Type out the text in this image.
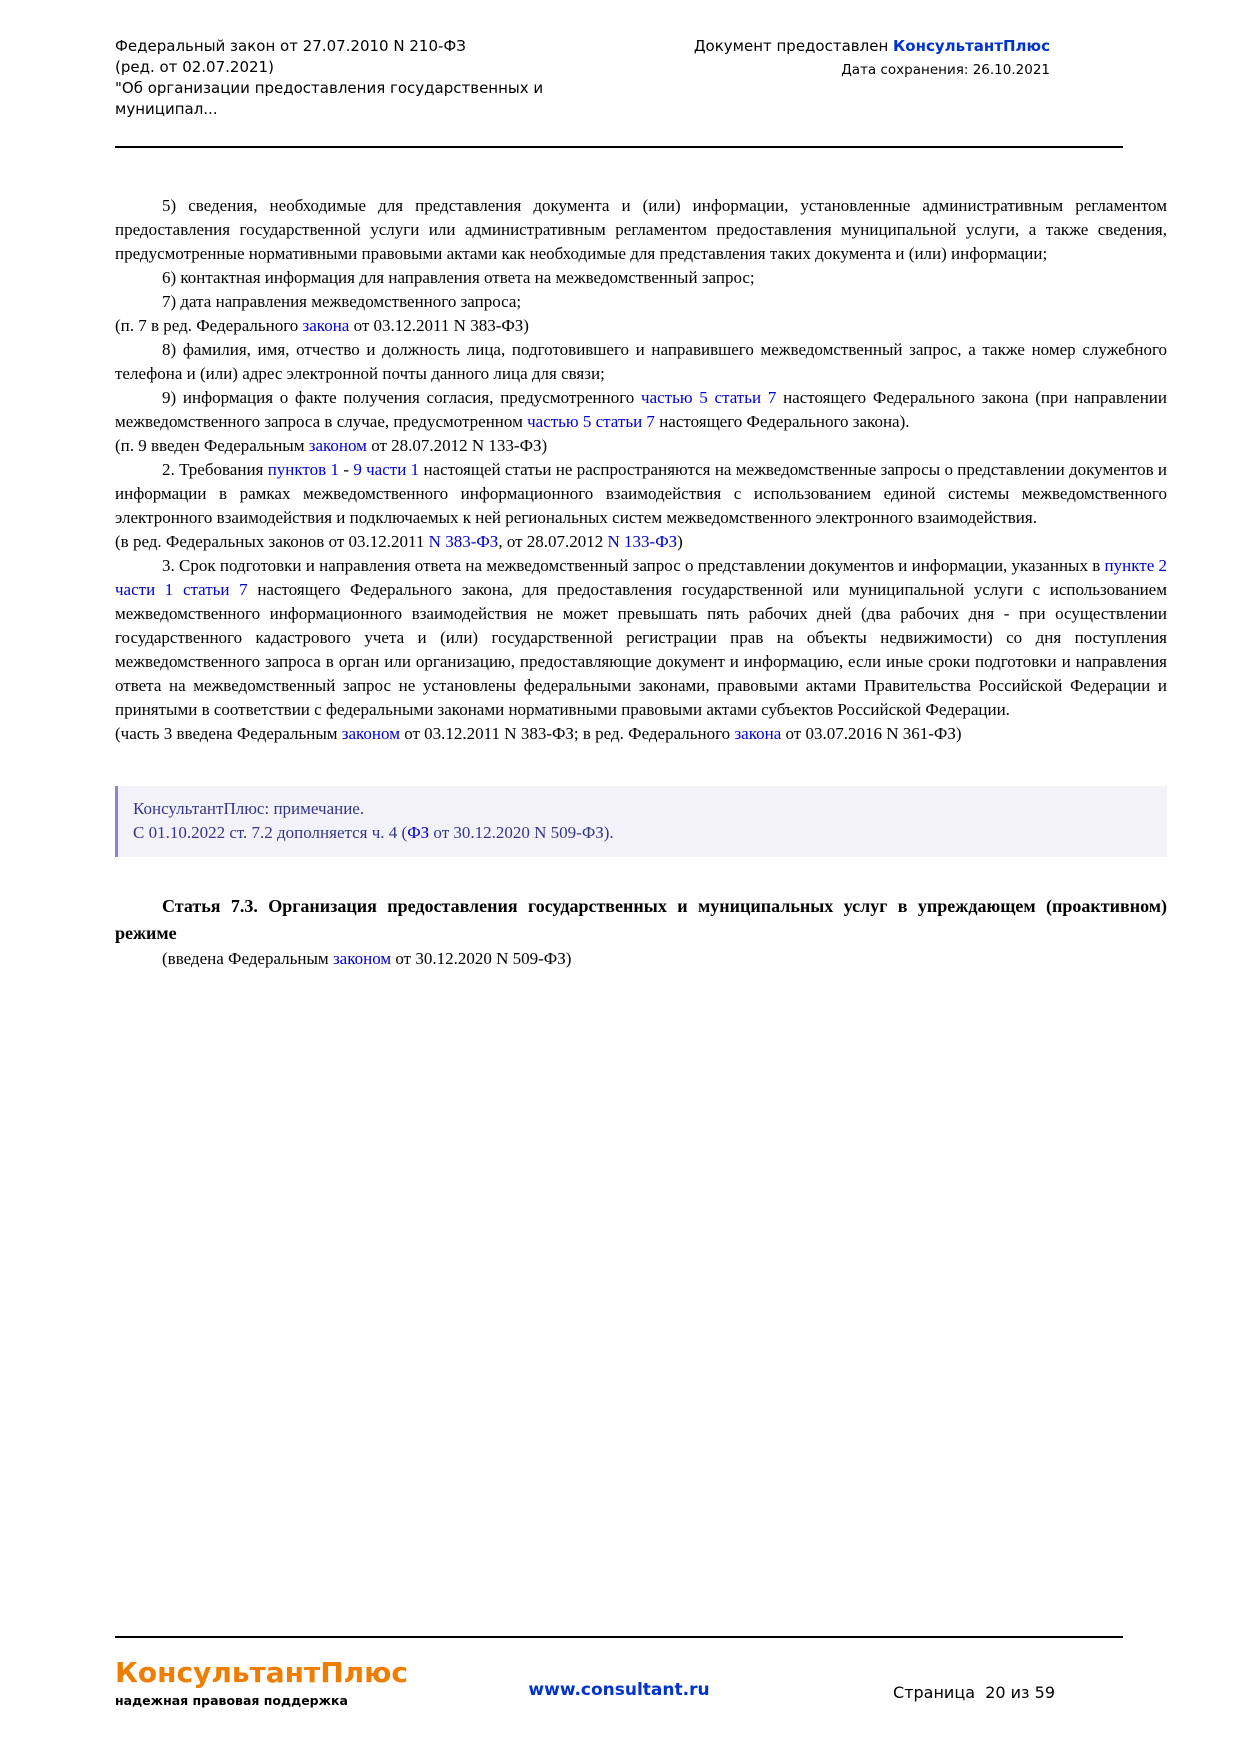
Федеральный закон от 27.07.2010 N 210-ФЗ
(ред. от 02.07.2021)
"Об организации предоставления государственных и
муниципал...
Документ предоставлен КонсультантПлюс
Дата сохранения: 26.10.2021

5) сведения, необходимые для представления документа и (или) информации, установленные административным регламентом предоставления государственной услуги или административным регламентом предоставления муниципальной услуги, а также сведения, предусмотренные нормативными правовыми актами как необходимые для представления таких документа и (или) информации;

6) контактная информация для направления ответа на межведомственный запрос;

7) дата направления межведомственного запроса;

(п. 7 в ред. Федерального закона от 03.12.2011 N 383-ФЗ)

8) фамилия, имя, отчество и должность лица, подготовившего и направившего межведомственный запрос, а также номер служебного телефона и (или) адрес электронной почты данного лица для связи;

9) информация о факте получения согласия, предусмотренного частью 5 статьи 7 настоящего Федерального закона (при направлении межведомственного запроса в случае, предусмотренном частью 5 статьи 7 настоящего Федерального закона).

(п. 9 введен Федеральным законом от 28.07.2012 N 133-ФЗ)

2. Требования пунктов 1 - 9 части 1 настоящей статьи не распространяются на межведомственные запросы о представлении документов и информации в рамках межведомственного информационного взаимодействия с использованием единой системы межведомственного электронного взаимодействия и подключаемых к ней региональных систем межведомственного электронного взаимодействия.

(в ред. Федеральных законов от 03.12.2011 N 383-ФЗ, от 28.07.2012 N 133-ФЗ)

3. Срок подготовки и направления ответа на межведомственный запрос о представлении документов и информации, указанных в пункте 2 части 1 статьи 7 настоящего Федерального закона, для предоставления государственной или муниципальной услуги с использованием межведомственного информационного взаимодействия не может превышать пять рабочих дней (два рабочих дня - при осуществлении государственного кадастрового учета и (или) государственной регистрации прав на объекты недвижимости) со дня поступления межведомственного запроса в орган или организацию, предоставляющие документ и информацию, если иные сроки подготовки и направления ответа на межведомственный запрос не установлены федеральными законами, правовыми актами Правительства Российской Федерации и принятыми в соответствии с федеральными законами нормативными правовыми актами субъектов Российской Федерации.

(часть 3 введена Федеральным законом от 03.12.2011 N 383-ФЗ; в ред. Федерального закона от 03.07.2016 N 361-ФЗ)

КонсультантПлюс: примечание.

С 01.10.2022 ст. 7.2 дополняется ч. 4 (ФЗ от 30.12.2020 N 509-ФЗ).

Статья 7.3. Организация предоставления государственных и муниципальных услуг в упреждающем (проактивном) режиме

(введена Федеральным законом от 30.12.2020 N 509-ФЗ)

КонсультантПлюс
надежная правовая поддержка
www.consultant.ru	Страница  20 из 59
